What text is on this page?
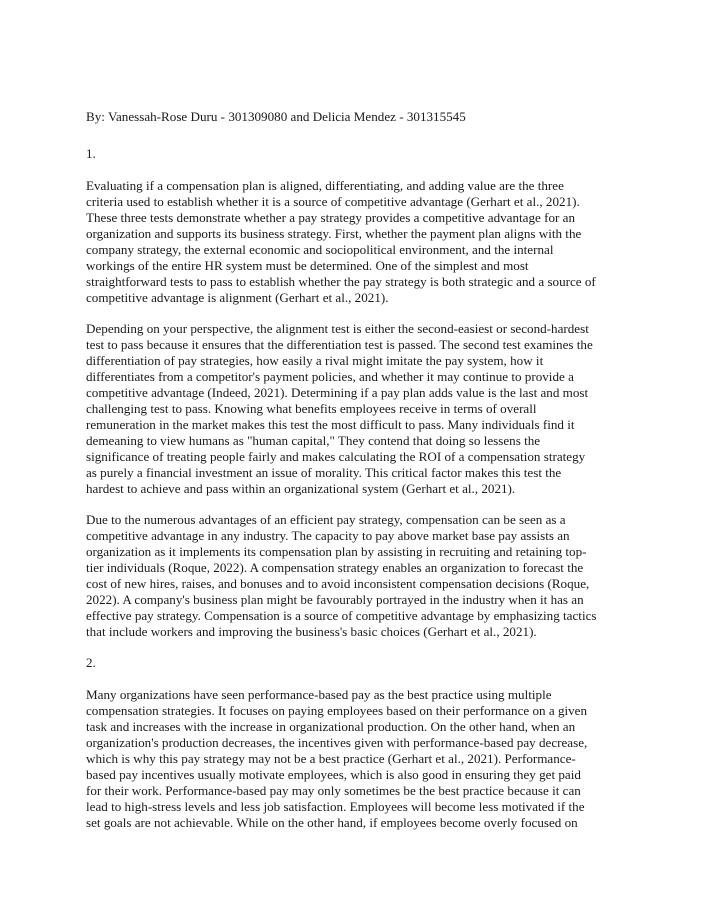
By: Vanessah-Rose Duru - 301309080 and Delicia Mendez - 301315545

1.

Evaluating if a compensation plan is aligned, differentiating, and adding value are the three
criteria used to establish whether it is a source of competitive advantage (Gerhart et al., 2021).
These three tests demonstrate whether a pay strategy provides a competitive advantage for an
organization and supports its business strategy. First, whether the payment plan aligns with the
company strategy, the external economic and sociopolitical environment, and the internal
workings of the entire HR system must be determined. One of the simplest and most
straightforward tests to pass to establish whether the pay strategy is both strategic and a source of
competitive advantage is alignment (Gerhart et al., 2021).

Depending on your perspective, the alignment test is either the second-easiest or second-hardest
test to pass because it ensures that the differentiation test is passed. The second test examines the
differentiation of pay strategies, how easily a rival might imitate the pay system, how it
differentiates from a competitor's payment policies, and whether it may continue to provide a
competitive advantage (Indeed, 2021). Determining if a pay plan adds value is the last and most
challenging test to pass. Knowing what benefits employees receive in terms of overall
remuneration in the market makes this test the most difficult to pass. Many individuals find it
demeaning to view humans as "human capital," They contend that doing so lessens the
significance of treating people fairly and makes calculating the ROI of a compensation strategy
as purely a financial investment an issue of morality. This critical factor makes this test the
hardest to achieve and pass within an organizational system (Gerhart et al., 2021).

Due to the numerous advantages of an efficient pay strategy, compensation can be seen as a
competitive advantage in any industry. The capacity to pay above market base pay assists an
organization as it implements its compensation plan by assisting in recruiting and retaining top-
tier individuals (Roque, 2022). A compensation strategy enables an organization to forecast the
cost of new hires, raises, and bonuses and to avoid inconsistent compensation decisions (Roque,
2022). A company's business plan might be favourably portrayed in the industry when it has an
effective pay strategy. Compensation is a source of competitive advantage by emphasizing tactics
that include workers and improving the business's basic choices (Gerhart et al., 2021).

2.

Many organizations have seen performance-based pay as the best practice using multiple
compensation strategies. It focuses on paying employees based on their performance on a given
task and increases with the increase in organizational production. On the other hand, when an
organization's production decreases, the incentives given with performance-based pay decrease,
which is why this pay strategy may not be a best practice (Gerhart et al., 2021). Performance-
based pay incentives usually motivate employees, which is also good in ensuring they get paid
for their work. Performance-based pay may only sometimes be the best practice because it can
lead to high-stress levels and less job satisfaction. Employees will become less motivated if the
set goals are not achievable. While on the other hand, if employees become overly focused on
